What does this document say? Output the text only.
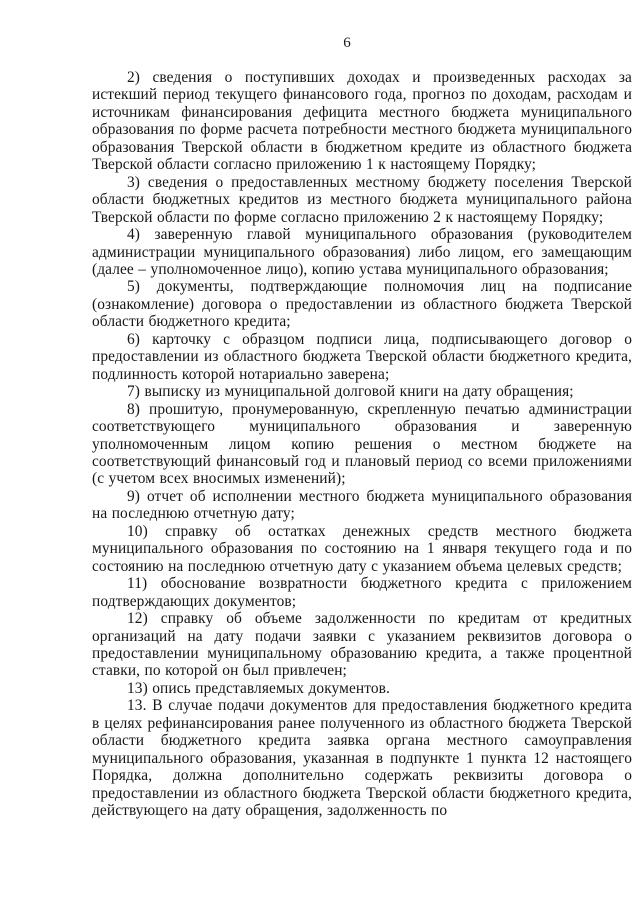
6

2) сведения о поступивших доходах и произведенных расходах за истекший период текущего финансового года, прогноз по доходам, расходам и источникам финансирования дефицита местного бюджета муниципального образования по форме расчета потребности местного бюджета муниципального образования Тверской области в бюджетном кредите из областного бюджета Тверской области согласно приложению 1 к настоящему Порядку;

3) сведения о предоставленных местному бюджету поселения Тверской области бюджетных кредитов из местного бюджета муниципального района Тверской области по форме согласно приложению 2 к настоящему Порядку;

4) заверенную главой муниципального образования (руководителем администрации муниципального образования) либо лицом, его замещающим (далее – уполномоченное лицо), копию устава муниципального образования;

5) документы, подтверждающие полномочия лиц на подписание (ознакомление) договора о предоставлении из областного бюджета Тверской области бюджетного кредита;

6) карточку с образцом подписи лица, подписывающего договор о предоставлении из областного бюджета Тверской области бюджетного кредита, подлинность которой нотариально заверена;

7) выписку из муниципальной долговой книги на дату обращения;

8) прошитую, пронумерованную, скрепленную печатью администрации соответствующего муниципального образования и заверенную уполномоченным лицом копию решения о местном бюджете на соответствующий финансовый год и плановый период со всеми приложениями (с учетом всех вносимых изменений);

9) отчет об исполнении местного бюджета муниципального образования на последнюю отчетную дату;

10) справку об остатках денежных средств местного бюджета муниципального образования по состоянию на 1 января текущего года и по состоянию на последнюю отчетную дату с указанием объема целевых средств;

11) обоснование возвратности бюджетного кредита с приложением подтверждающих документов;

12) справку об объеме задолженности по кредитам от кредитных организаций на дату подачи заявки с указанием реквизитов договора о предоставлении муниципальному образованию кредита, а также процентной ставки, по которой он был привлечен;

13) опись представляемых документов.

13. В случае подачи документов для предоставления бюджетного кредита в целях рефинансирования ранее полученного из областного бюджета Тверской области бюджетного кредита заявка органа местного самоуправления муниципального образования, указанная в подпункте 1 пункта 12 настоящего Порядка, должна дополнительно содержать реквизиты договора о предоставлении из областного бюджета Тверской области бюджетного кредита, действующего на дату обращения, задолженность по
